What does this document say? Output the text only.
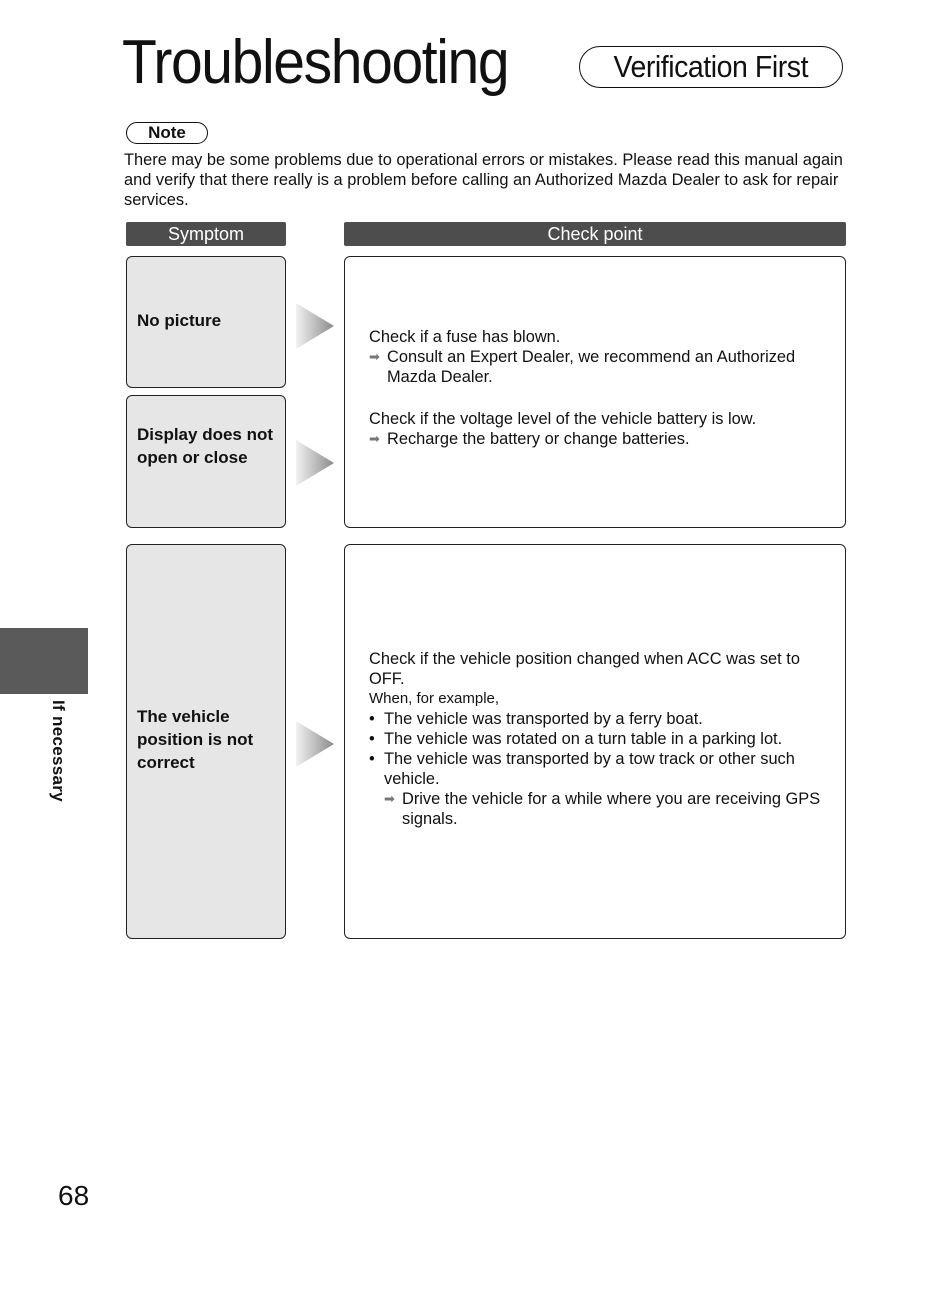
Troubleshooting	Verification First
Note
There may be some problems due to operational errors or mistakes. Please read this manual again and verify that there really is a problem before calling an Authorized Mazda Dealer to ask for repair services.
Symptom	Check point
No picture
Display does not open or close
The vehicle position is not correct

Check if a fuse has blown.

➡ Consult an Expert Dealer, we recommend an Authorized Mazda Dealer.

Check if the voltage level of the vehicle battery is low.

➡ Recharge the battery or change batteries.

Check if the vehicle position changed when ACC was set to OFF.

When, for example,

• The vehicle was transported by a ferry boat.

• The vehicle was rotated on a turn table in a parking lot.

• The vehicle was transported by a tow track or other such vehicle.

➡ Drive the vehicle for a while where you are receiving GPS signals.

If necessary
68
